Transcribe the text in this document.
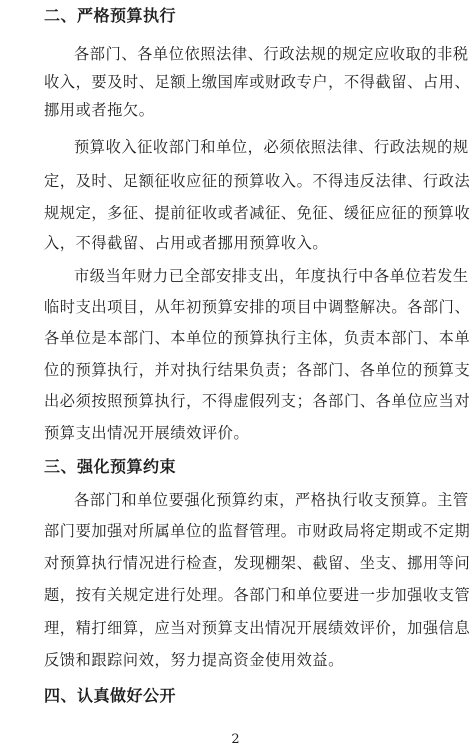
二、严格预算执行
各部门、各单位依照法律、行政法规的规定应收取的非税
收入，要及时、足额上缴国库或财政专户，不得截留、占用、
挪用或者拖欠。
预算收入征收部门和单位，必须依照法律、行政法规的规
定，及时、足额征收应征的预算收入。不得违反法律、行政法
规规定，多征、提前征收或者减征、免征、缓征应征的预算收
入，不得截留、占用或者挪用预算收入。
市级当年财力已全部安排支出，年度执行中各单位若发生
临时支出项目，从年初预算安排的项目中调整解决。各部门、
各单位是本部门、本单位的预算执行主体，负责本部门、本单
位的预算执行，并对执行结果负责；各部门、各单位的预算支
出必须按照预算执行，不得虚假列支；各部门、各单位应当对
预算支出情况开展绩效评价。
三、强化预算约束
各部门和单位要强化预算约束，严格执行收支预算。主管
部门要加强对所属单位的监督管理。市财政局将定期或不定期
对预算执行情况进行检查，发现棚架、截留、坐支、挪用等问
题，按有关规定进行处理。各部门和单位要进一步加强收支管
理，精打细算，应当对预算支出情况开展绩效评价，加强信息
反馈和跟踪问效，努力提高资金使用效益。
四、认真做好公开
2
